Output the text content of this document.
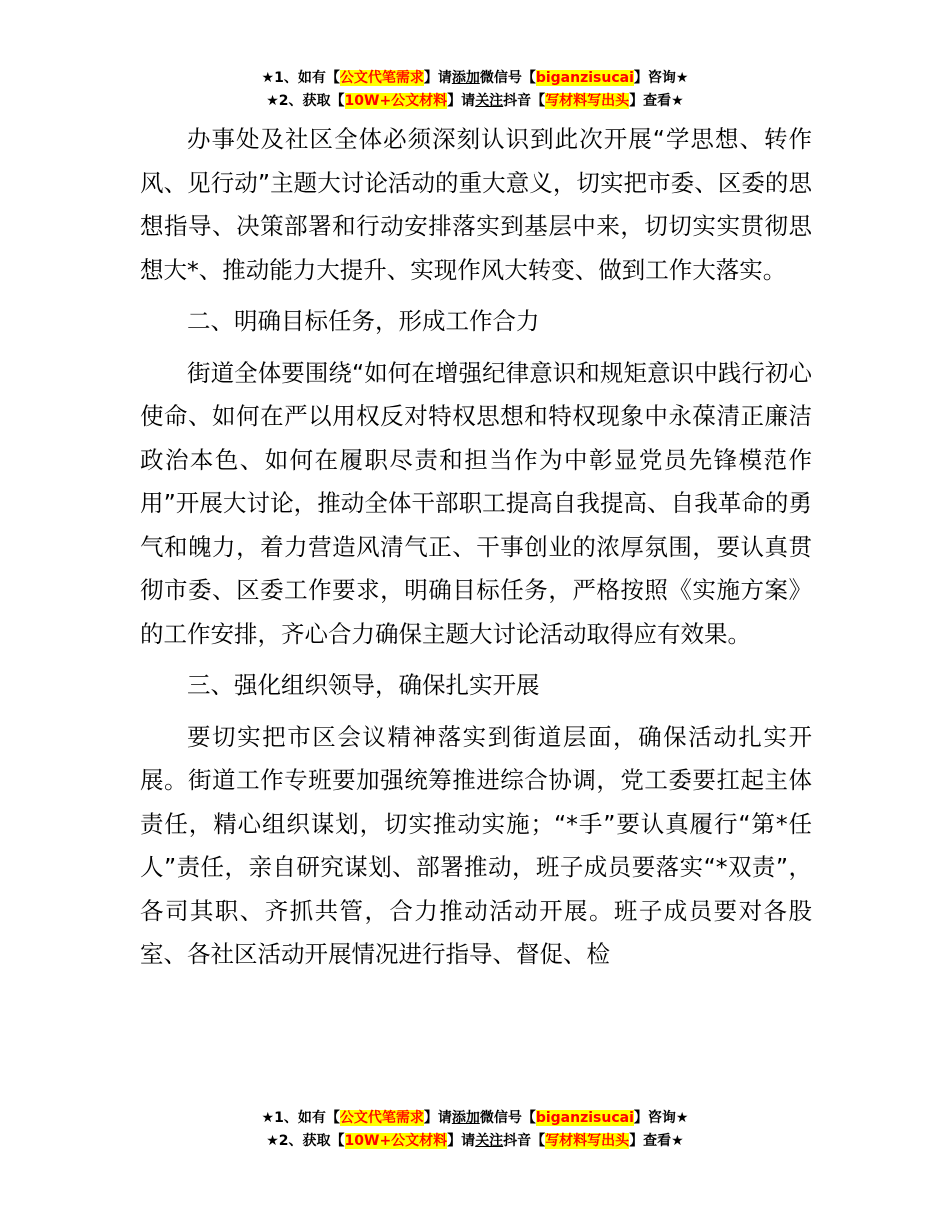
★1、如有【公文代笔需求】请添加微信号【biganzisucai】咨询★
★2、获取【10W+公文材料】请关注抖音【写材料写出头】查看★

办事处及社区全体必须深刻认识到此次开展“学思想、转作风、见行动”主题大讨论活动的重大意义，切实把市委、区委的思想指导、决策部署和行动安排落实到基层中来，切切实实贯彻思想大*、推动能力大提升、实现作风大转变、做到工作大落实。

二、明确目标任务，形成工作合力

街道全体要围绕“如何在增强纪律意识和规矩意识中践行初心使命、如何在严以用权反对特权思想和特权现象中永葆清正廉洁政治本色、如何在履职尽责和担当作为中彰显党员先锋模范作用”开展大讨论，推动全体干部职工提高自我提高、自我革命的勇气和魄力，着力营造风清气正、干事创业的浓厚氛围，要认真贯彻市委、区委工作要求，明确目标任务，严格按照《实施方案》的工作安排，齐心合力确保主题大讨论活动取得应有效果。

三、强化组织领导，确保扎实开展

要切实把市区会议精神落实到街道层面，确保活动扎实开展。街道工作专班要加强统筹推进综合协调，党工委要扛起主体责任，精心组织谋划，切实推动实施；“*手”要认真履行“第*任人”责任，亲自研究谋划、部署推动，班子成员要落实“*双责”，各司其职、齐抓共管，合力推动活动开展。班子成员要对各股室、各社区活动开展情况进行指导、督促、检

★1、如有【公文代笔需求】请添加微信号【biganzisucai】咨询★
★2、获取【10W+公文材料】请关注抖音【写材料写出头】查看★
